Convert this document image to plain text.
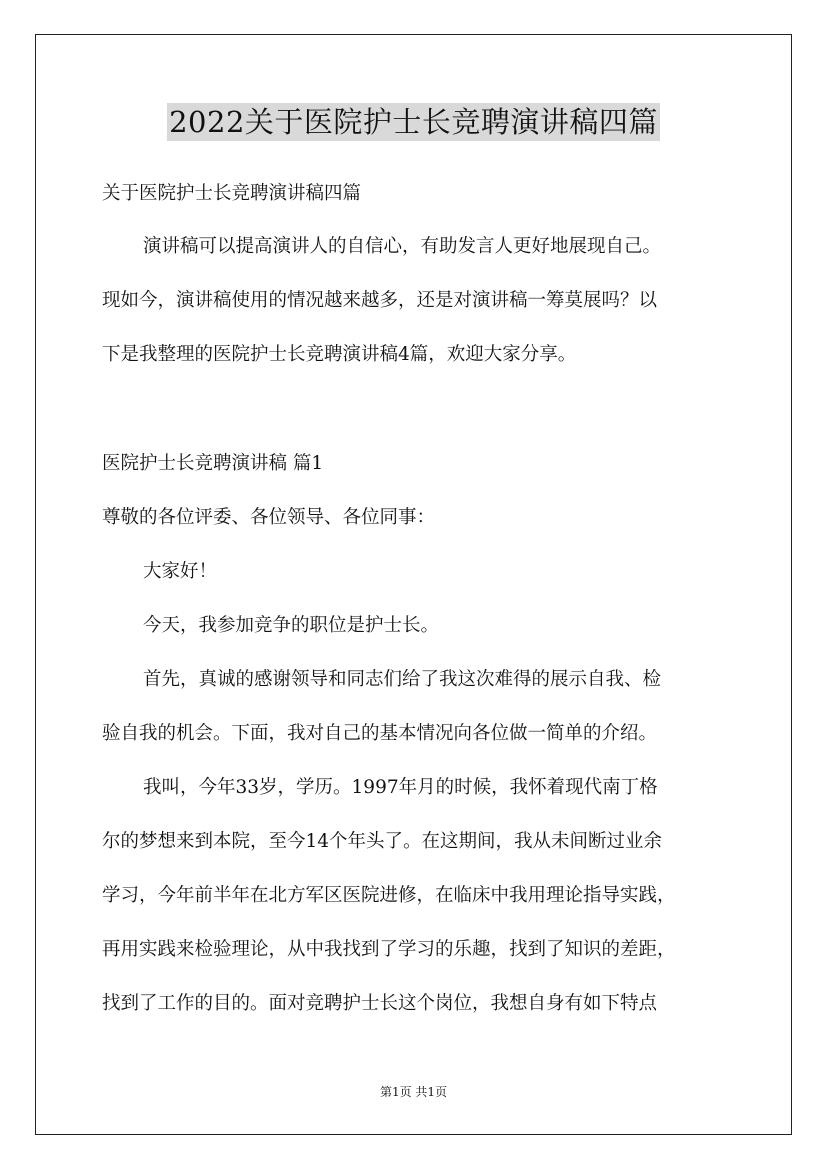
2022关于医院护士长竞聘演讲稿四篇
关于医院护士长竞聘演讲稿四篇
演讲稿可以提高演讲人的自信心，有助发言人更好地展现自己。
现如今，演讲稿使用的情况越来越多，还是对演讲稿一筹莫展吗？以
下是我整理的医院护士长竞聘演讲稿4篇，欢迎大家分享。
医院护士长竞聘演讲稿 篇1
尊敬的各位评委、各位领导、各位同事：
大家好！
今天，我参加竞争的职位是护士长。
首先，真诚的感谢领导和同志们给了我这次难得的展示自我、检
验自我的机会。下面，我对自己的基本情况向各位做一简单的介绍。
我叫，今年33岁，学历。1997年月的时候，我怀着现代南丁格
尔的梦想来到本院，至今14个年头了。在这期间，我从未间断过业余
学习，今年前半年在北方军区医院进修，在临床中我用理论指导实践，
再用实践来检验理论，从中我找到了学习的乐趣，找到了知识的差距，
找到了工作的目的。面对竞聘护士长这个岗位，我想自身有如下特点
第1页 共1页
